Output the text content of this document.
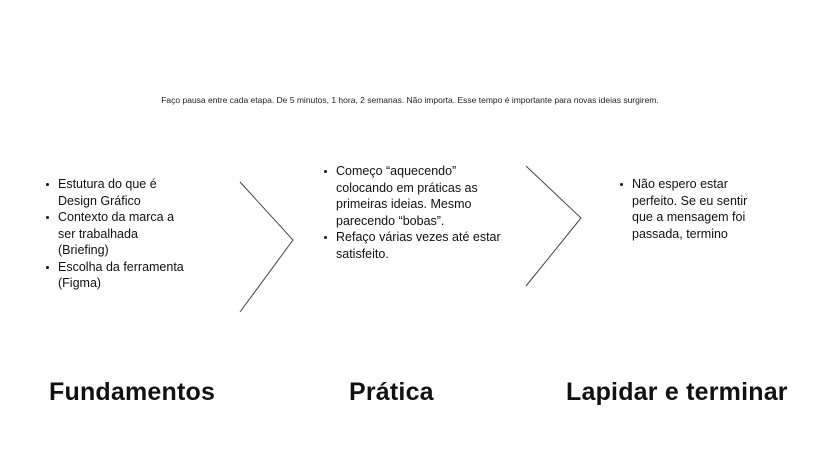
Faço pausa entre cada etapa. De 5 minutos, 1 hora, 2 semanas. Não importa. Esse tempo é importante para novas ideias surgirem.
Estutura do que é Design Gráfico
Contexto da marca a ser trabalhada (Briefing)
Escolha da ferramenta (Figma)
Começo “aquecendo” colocando em práticas as primeiras ideias. Mesmo parecendo “bobas”.
Refaço várias vezes até estar satisfeito.
Não espero estar perfeito. Se eu sentir que a mensagem foi passada, termino
Fundamentos	Prática	Lapidar e terminar
